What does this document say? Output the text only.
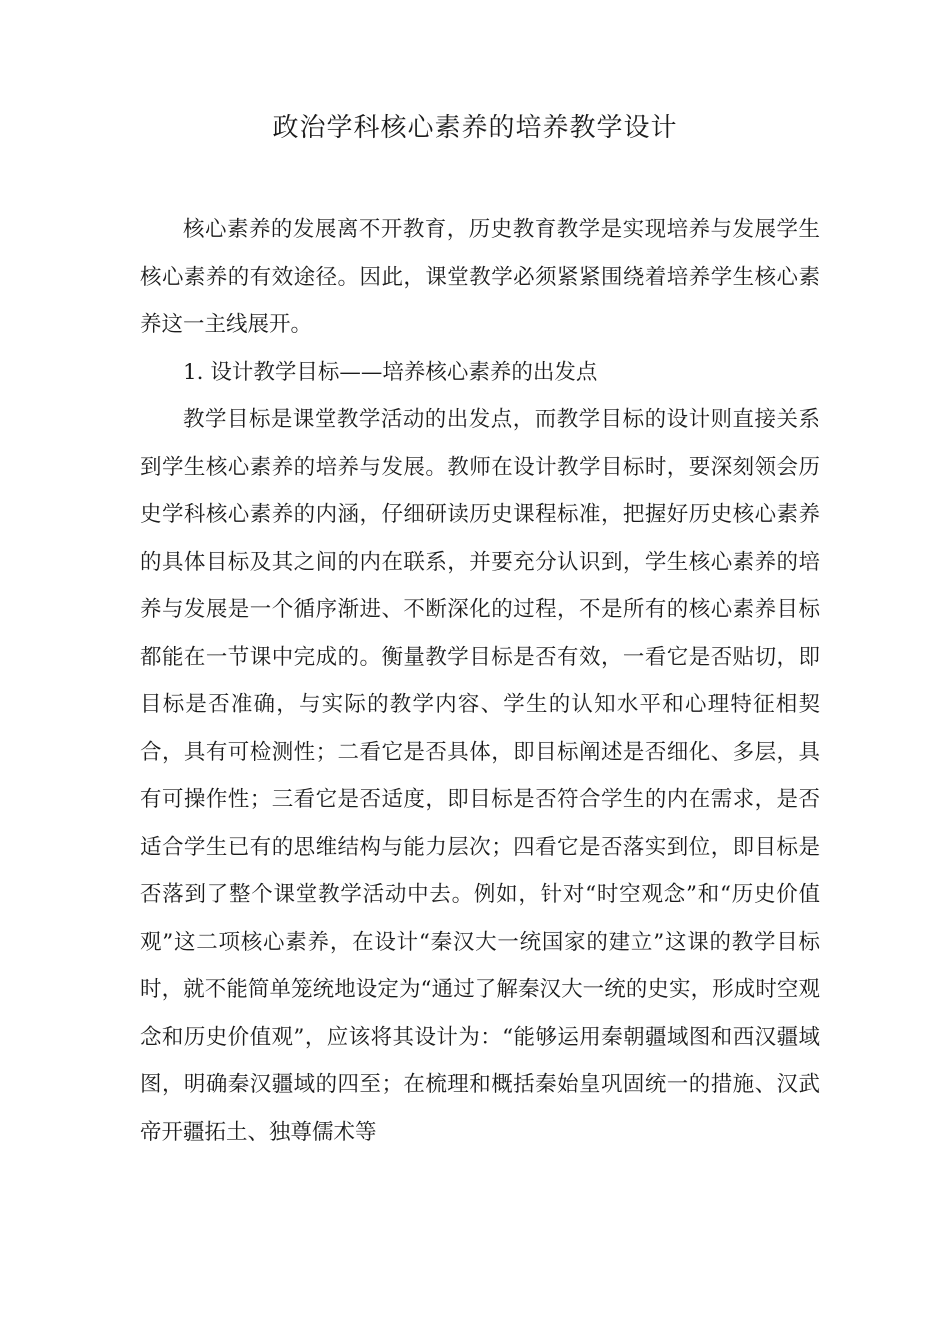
政治学科核心素养的培养教学设计

核心素养的发展离不开教育，历史教育教学是实现培养与发展学生核心素养的有效途径。因此，课堂教学必须紧紧围绕着培养学生核心素养这一主线展开。

1. 设计教学目标——培养核心素养的出发点

教学目标是课堂教学活动的出发点，而教学目标的设计则直接关系到学生核心素养的培养与发展。教师在设计教学目标时，要深刻领会历史学科核心素养的内涵，仔细研读历史课程标准，把握好历史核心素养的具体目标及其之间的内在联系，并要充分认识到，学生核心素养的培养与发展是一个循序渐进、不断深化的过程，不是所有的核心素养目标都能在一节课中完成的。衡量教学目标是否有效，一看它是否贴切，即目标是否准确，与实际的教学内容、学生的认知水平和心理特征相契合，具有可检测性；二看它是否具体，即目标阐述是否细化、多层，具有可操作性；三看它是否适度，即目标是否符合学生的内在需求，是否适合学生已有的思维结构与能力层次；四看它是否落实到位，即目标是否落到了整个课堂教学活动中去。例如，针对“时空观念”和“历史价值观”这二项核心素养，在设计“秦汉大一统国家的建立”这课的教学目标时，就不能简单笼统地设定为“通过了解秦汉大一统的史实，形成时空观念和历史价值观”，应该将其设计为：“能够运用秦朝疆域图和西汉疆域图，明确秦汉疆域的四至；在梳理和概括秦始皇巩固统一的措施、汉武帝开疆拓土、独尊儒术等
